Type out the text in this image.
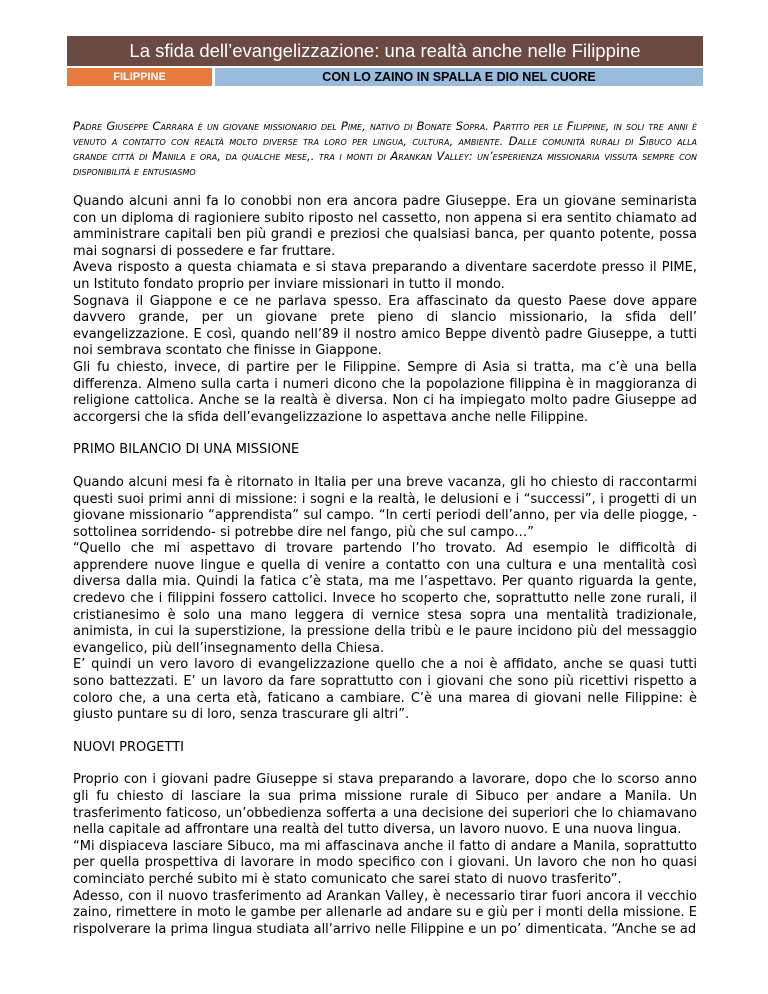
La sfida dell’evangelizzazione: una realtà anche nelle Filippine
FILIPPINE	CON LO ZAINO IN SPALLA E DIO NEL CUORE

Padre Giuseppe Carrara è un giovane missionario del Pime, nativo di Bonate Sopra. Partito per le Filippine, in soli tre anni è venuto a contatto con realtà molto diverse tra loro per lingua, cultura, ambiente. Dalle comunità rurali di Sibuco alla grande città di Manila e ora, da qualche mese,. tra i monti di Arankan Valley: un’esperienza missionaria vissuta sempre con disponibilità e entusiasmo

Quando alcuni anni fa lo conobbi non era ancora padre Giuseppe. Era un giovane seminarista con un diploma di ragioniere subito riposto nel cassetto, non appena si era sentito chiamato ad amministrare capitali ben più grandi e preziosi che qualsiasi banca, per quanto potente, possa mai sognarsi di possedere e far fruttare.

Aveva risposto a questa chiamata e si stava preparando a diventare sacerdote presso il PIME, un Istituto fondato proprio per inviare missionari in tutto il mondo.

Sognava il Giappone e ce ne parlava spesso. Era affascinato da questo Paese dove appare davvero grande, per un giovane prete pieno di slancio missionario, la sfida dell’ evangelizzazione. E così, quando nell’89 il nostro amico Beppe diventò padre Giuseppe, a tutti noi sembrava scontato che finisse in Giappone.

Gli fu chiesto, invece, di partire per le Filippine. Sempre di Asia si tratta, ma c’è una bella differenza. Almeno sulla carta i numeri dicono che la popolazione filippina è in maggioranza di religione cattolica. Anche se la realtà è diversa. Non ci ha impiegato molto padre Giuseppe ad accorgersi che la sfida dell’evangelizzazione lo aspettava anche nelle Filippine.

PRIMO BILANCIO DI UNA MISSIONE

Quando alcuni mesi fa è ritornato in Italia per una breve vacanza, gli ho chiesto di raccontarmi questi suoi primi anni di missione: i sogni e la realtà, le delusioni e i “successi”, i progetti di un giovane missionario “apprendista” sul campo. “In certi periodi dell’anno, per via delle piogge, - sottolinea sorridendo- si potrebbe dire nel fango, più che sul campo…”

“Quello che mi aspettavo di trovare partendo l’ho trovato. Ad esempio le difficoltà di apprendere nuove lingue e quella di venire a contatto con una cultura e una mentalità così diversa dalla mia. Quindi la fatica c’è stata, ma me l’aspettavo. Per quanto riguarda la gente, credevo che i filippini fossero cattolici. Invece ho scoperto che, soprattutto nelle zone rurali, il cristianesimo è solo una mano leggera di vernice stesa sopra una mentalità tradizionale, animista, in cui la superstizione, la pressione della tribù e le paure incidono più del messaggio evangelico, più dell’insegnamento della Chiesa.

E’ quindi un vero lavoro di evangelizzazione quello che a noi è affidato, anche se quasi tutti sono battezzati. E’ un lavoro da fare soprattutto con i giovani che sono più ricettivi rispetto a coloro che, a una certa età, faticano a cambiare. C’è una marea di giovani nelle Filippine: è giusto puntare su di loro, senza trascurare gli altri”.

NUOVI PROGETTI

Proprio con i giovani padre Giuseppe si stava preparando a lavorare, dopo che lo scorso anno gli fu chiesto di lasciare la sua prima missione rurale di Sibuco per andare a Manila. Un trasferimento faticoso, un’obbedienza sofferta a una decisione dei superiori che lo chiamavano nella capitale ad affrontare una realtà del tutto diversa, un lavoro nuovo. E una nuova lingua.

“Mi dispiaceva lasciare Sibuco, ma mi affascinava anche il fatto di andare a Manila, soprattutto per quella prospettiva di lavorare in modo specifico con i giovani. Un lavoro che non ho quasi cominciato perché subito mi è stato comunicato che sarei stato di nuovo trasferito”.

Adesso, con il nuovo trasferimento ad Arankan Valley, è necessario tirar fuori ancora il vecchio zaino, rimettere in moto le gambe per allenarle ad andare su e giù per i monti della missione. E rispolverare la prima lingua studiata all’arrivo nelle Filippine e un po’ dimenticata. “Anche se ad
